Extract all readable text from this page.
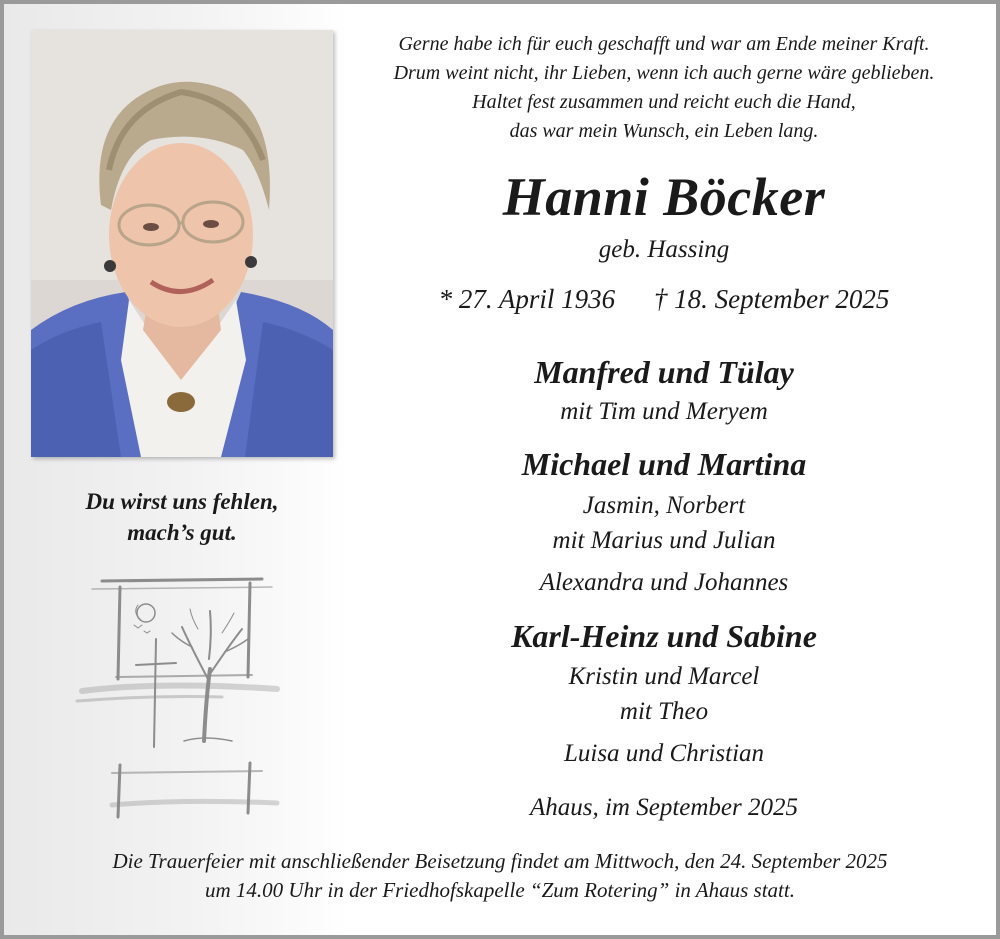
Du wirst uns fehlen,
mach’s gut.
Gerne habe ich für euch geschafft und war am Ende meiner Kraft.
Drum weint nicht, ihr Lieben, wenn ich auch gerne wäre geblieben.
Haltet fest zusammen und reicht euch die Hand,
das war mein Wunsch, ein Leben lang.
Hanni Böcker
geb. Hassing
* 27. April 1936 † 18. September 2025
Manfred und Tülay
mit Tim und Meryem
Michael und Martina
Jasmin, Norbert
mit Marius und Julian
Alexandra und Johannes
Karl-Heinz und Sabine
Kristin und Marcel
mit Theo
Luisa und Christian
Ahaus, im September 2025
Die Trauerfeier mit anschließender Beisetzung findet am Mittwoch, den 24. September 2025
um 14.00 Uhr in der Friedhofskapelle “Zum Rotering” in Ahaus statt.
